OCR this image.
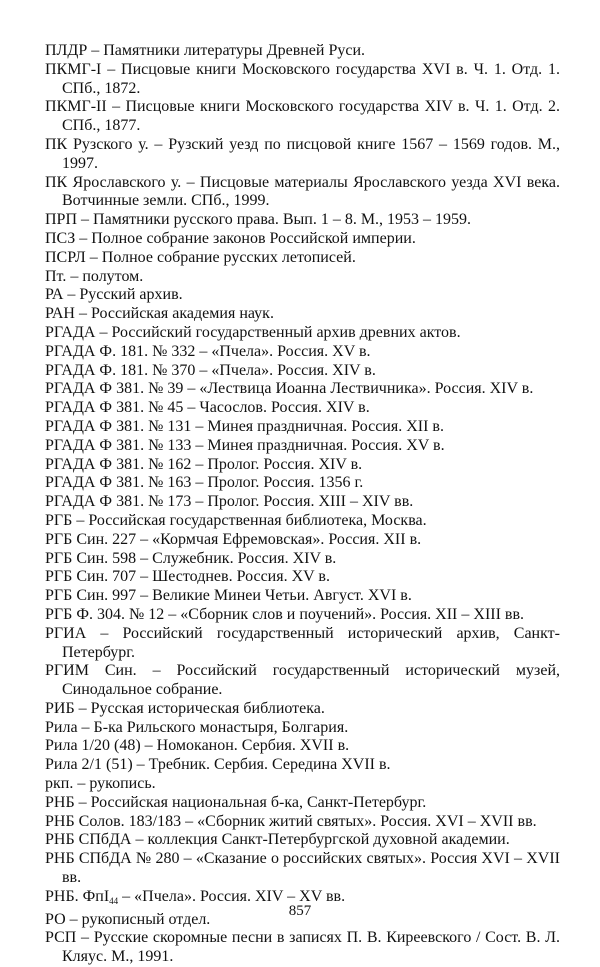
ПЛДР – Памятники литературы Древней Руси.

ПКМГ-I – Писцовые книги Московского государства XVI в. Ч. 1. Отд. 1. СПб., 1872.

ПКМГ-II – Писцовые книги Московского государства XIV в. Ч. 1. Отд. 2. СПб., 1877.

ПК Рузского у. – Рузский уезд по писцовой книге 1567 – 1569 годов. М., 1997.

ПК Ярославского у. – Писцовые материалы Ярославского уезда XVI века. Вотчинные земли. СПб., 1999.

ПРП – Памятники русского права. Вып. 1 – 8. М., 1953 – 1959.

ПСЗ – Полное собрание законов Российской империи.

ПСРЛ – Полное собрание русских летописей.

Пт. – полутом.

РА – Русский архив.

РАН – Российская академия наук.

РГАДА – Российский государственный архив древних актов.

РГАДА Ф. 181. № 332 – «Пчела». Россия. XV в.

РГАДА Ф. 181. № 370 – «Пчела». Россия. XIV в.

РГАДА Ф 381. № 39 – «Лествица Иоанна Лествичника». Россия. XIV в.

РГАДА Ф 381. № 45 – Часослов. Россия. XIV в.

РГАДА Ф 381. № 131 – Минея праздничная. Россия. XII в.

РГАДА Ф 381. № 133 – Минея праздничная. Россия. XV в.

РГАДА Ф 381. № 162 – Пролог. Россия. XIV в.

РГАДА Ф 381. № 163 – Пролог. Россия. 1356 г.

РГАДА Ф 381. № 173 – Пролог. Россия. XIII – XIV вв.

РГБ – Российская государственная библиотека, Москва.

РГБ Син. 227 – «Кормчая Ефремовская». Россия. XII в.

РГБ Син. 598 – Служебник. Россия. XIV в.

РГБ Син. 707 – Шестоднев. Россия. XV в.

РГБ Син. 997 – Великие Минеи Четьи. Август. XVI в.

РГБ Ф. 304. № 12 – «Сборник слов и поучений». Россия. XII – XIII вв.

РГИА – Российский государственный исторический архив, Санкт-Петербург.

РГИМ Син. – Российский государственный исторический музей, Синодальное собрание.

РИБ – Русская историческая библиотека.

Рила – Б-ка Рильского монастыря, Болгария.

Рила 1/20 (48) – Номоканон. Сербия. XVII в.

Рила 2/1 (51) – Требник. Сербия. Середина XVII в.

ркп. – рукопись.

РНБ – Российская национальная б-ка, Санкт-Петербург.

РНБ Солов. 183/183 – «Сборник житий святых». Россия. XVI – XVII вв.

РНБ СПбДА – коллекция Санкт-Петербургской духовной академии.

РНБ СПбДА № 280 – «Сказание о российских святых». Россия XVI – XVII вв.

РНБ. ФпI$_{44}$ – «Пчела». Россия. XIV – XV вв.

РО – рукописный отдел.

РСП – Русские скоромные песни в записях П. В. Киреевского / Сост. В. Л. Кляус. М., 1991.

857
